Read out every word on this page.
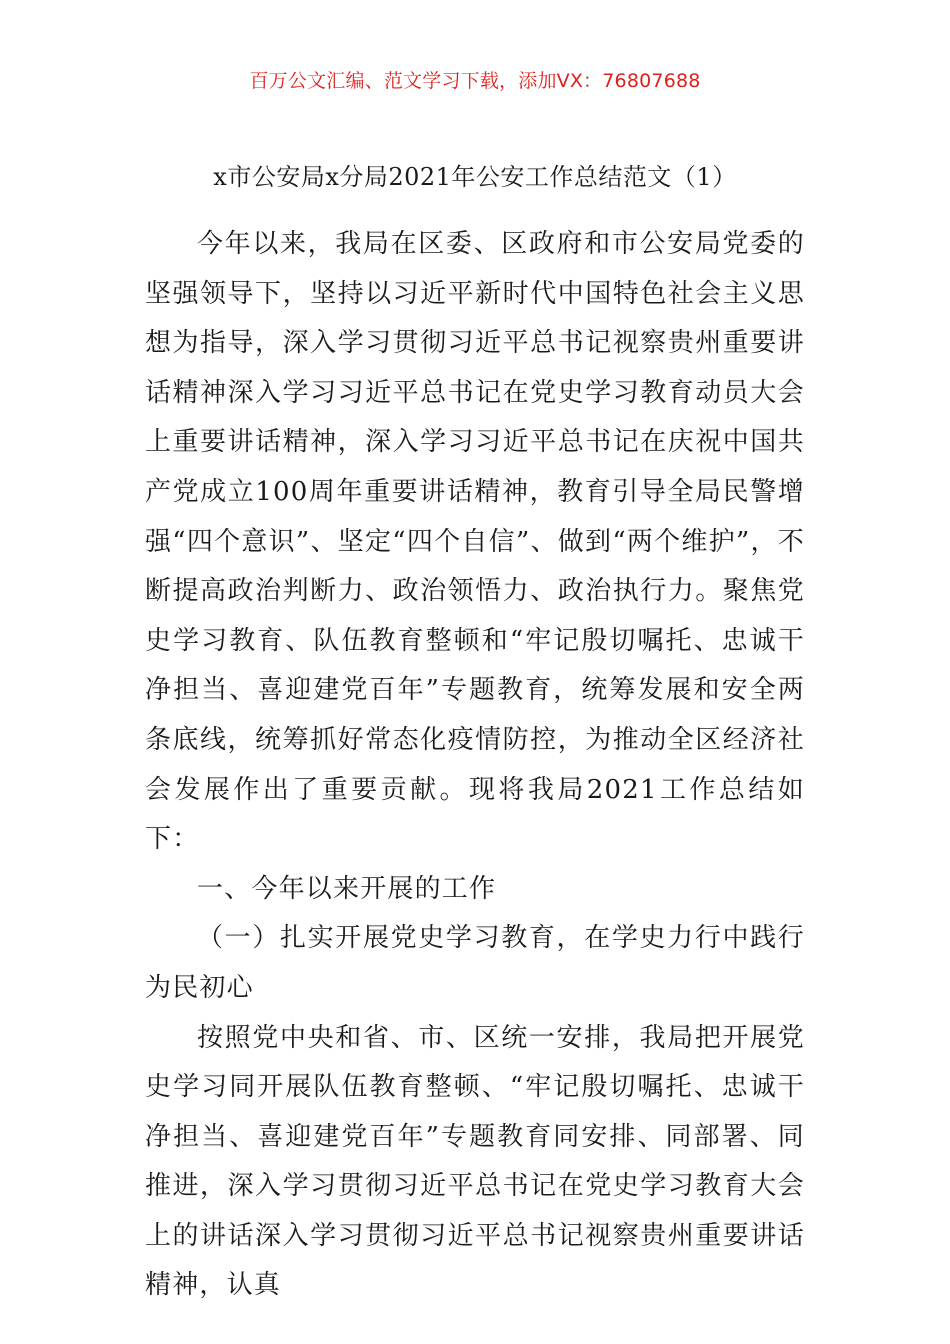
百万公文汇编、范文学习下载，添加VX：76807688
x市公安局x分局2021年公安工作总结范文（1）

今年以来，我局在区委、区政府和市公安局党委的坚强领导下，坚持以习近平新时代中国特色社会主义思想为指导，深入学习贯彻习近平总书记视察贵州重要讲话精神深入学习习近平总书记在党史学习教育动员大会上重要讲话精神，深入学习习近平总书记在庆祝中国共产党成立100周年重要讲话精神，教育引导全局民警增强“四个意识”、坚定“四个自信”、做到“两个维护”，不断提高政治判断力、政治领悟力、政治执行力。聚焦党史学习教育、队伍教育整顿和“牢记殷切嘱托、忠诚干净担当、喜迎建党百年”专题教育，统筹发展和安全两条底线，统筹抓好常态化疫情防控，为推动全区经济社会发展作出了重要贡献。现将我局2021工作总结如下：

一、今年以来开展的工作

（一）扎实开展党史学习教育，在学史力行中践行为民初心

按照党中央和省、市、区统一安排，我局把开展党史学习同开展队伍教育整顿、“牢记殷切嘱托、忠诚干净担当、喜迎建党百年”专题教育同安排、同部署、同推进，深入学习贯彻习近平总书记在党史学习教育大会上的讲话深入学习贯彻习近平总书记视察贵州重要讲话精神，认真
